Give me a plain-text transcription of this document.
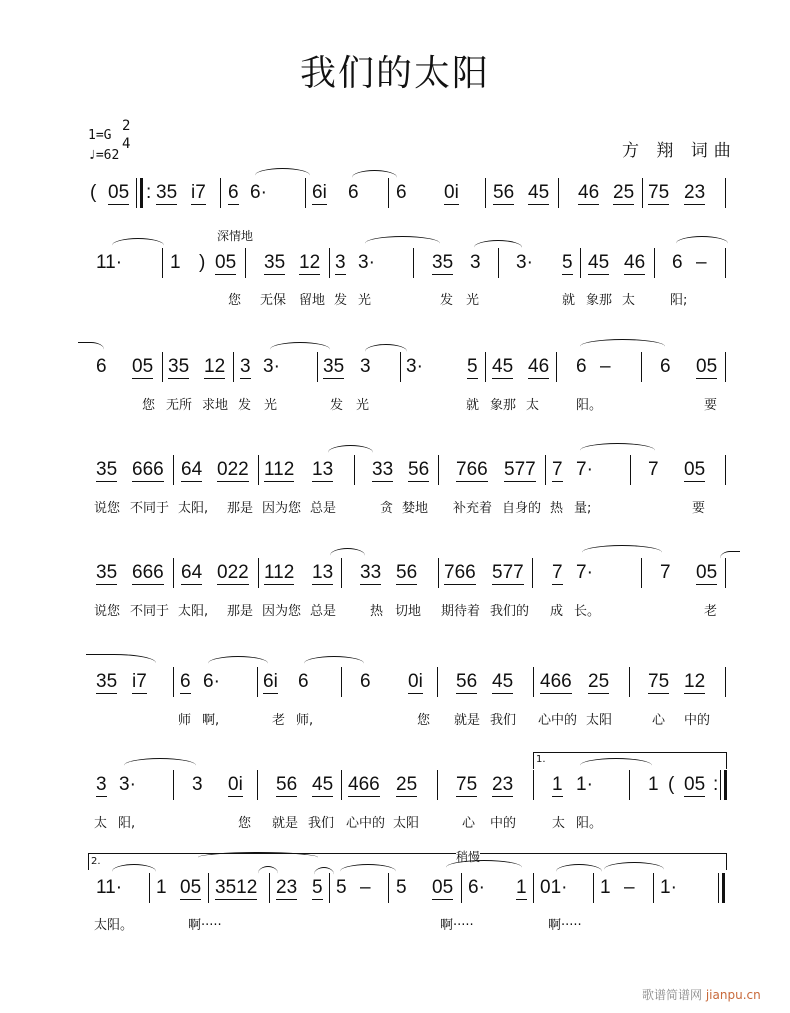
我们的太阳
1=G
2
4
♩=62	方 翔 词曲
( 05 : 35 i7 6 6· 6i 6 6 0i 56 45 46 25 75 23
11·	1 )
深情地
05 35 12 3 3·	35 3 3· 5 45 46 6 –
您 无保 留地 发 光	发 光	就 象那 太	阳;
6 05 35 12 3 3· 35 3 3· 5 45 46 6 –	6 05
您 无所 求地 发 光	发 光	就 象那 太	阳。	要
35 666 64 022 112 13 33 56 766 577 7 7·	7 05
说您 不同于 太阳, 那是 因为您 总是	贪 婪地 补充着 自身的 热 量;	要
35 666 64 022 112 13 33 56 766 577 7 7·	7 05
说您 不同于 太阳, 那是 因为您 总是	热 切地 期待着 我们的 成 长。	老
35 i7 6 6· 6i 6	6 0i 56 45 466 25 75 12
师 啊,	老 师,	您 就是 我们 心中的 太阳	心 中的
3 3·	3 0i 56 45 466 25 75 23
1.
1 1·	1 ( 05 :
太 阳,	您 就是 我们 心中的 太阳	心 中的	太 阳。
2.	稍慢
11· 1 05 3512 23 5 5 – 5 05 6· 1 01· 1 – 1·
太阳。	啊·····	啊·····	啊·····
歌谱简谱网 jianpu.cn
